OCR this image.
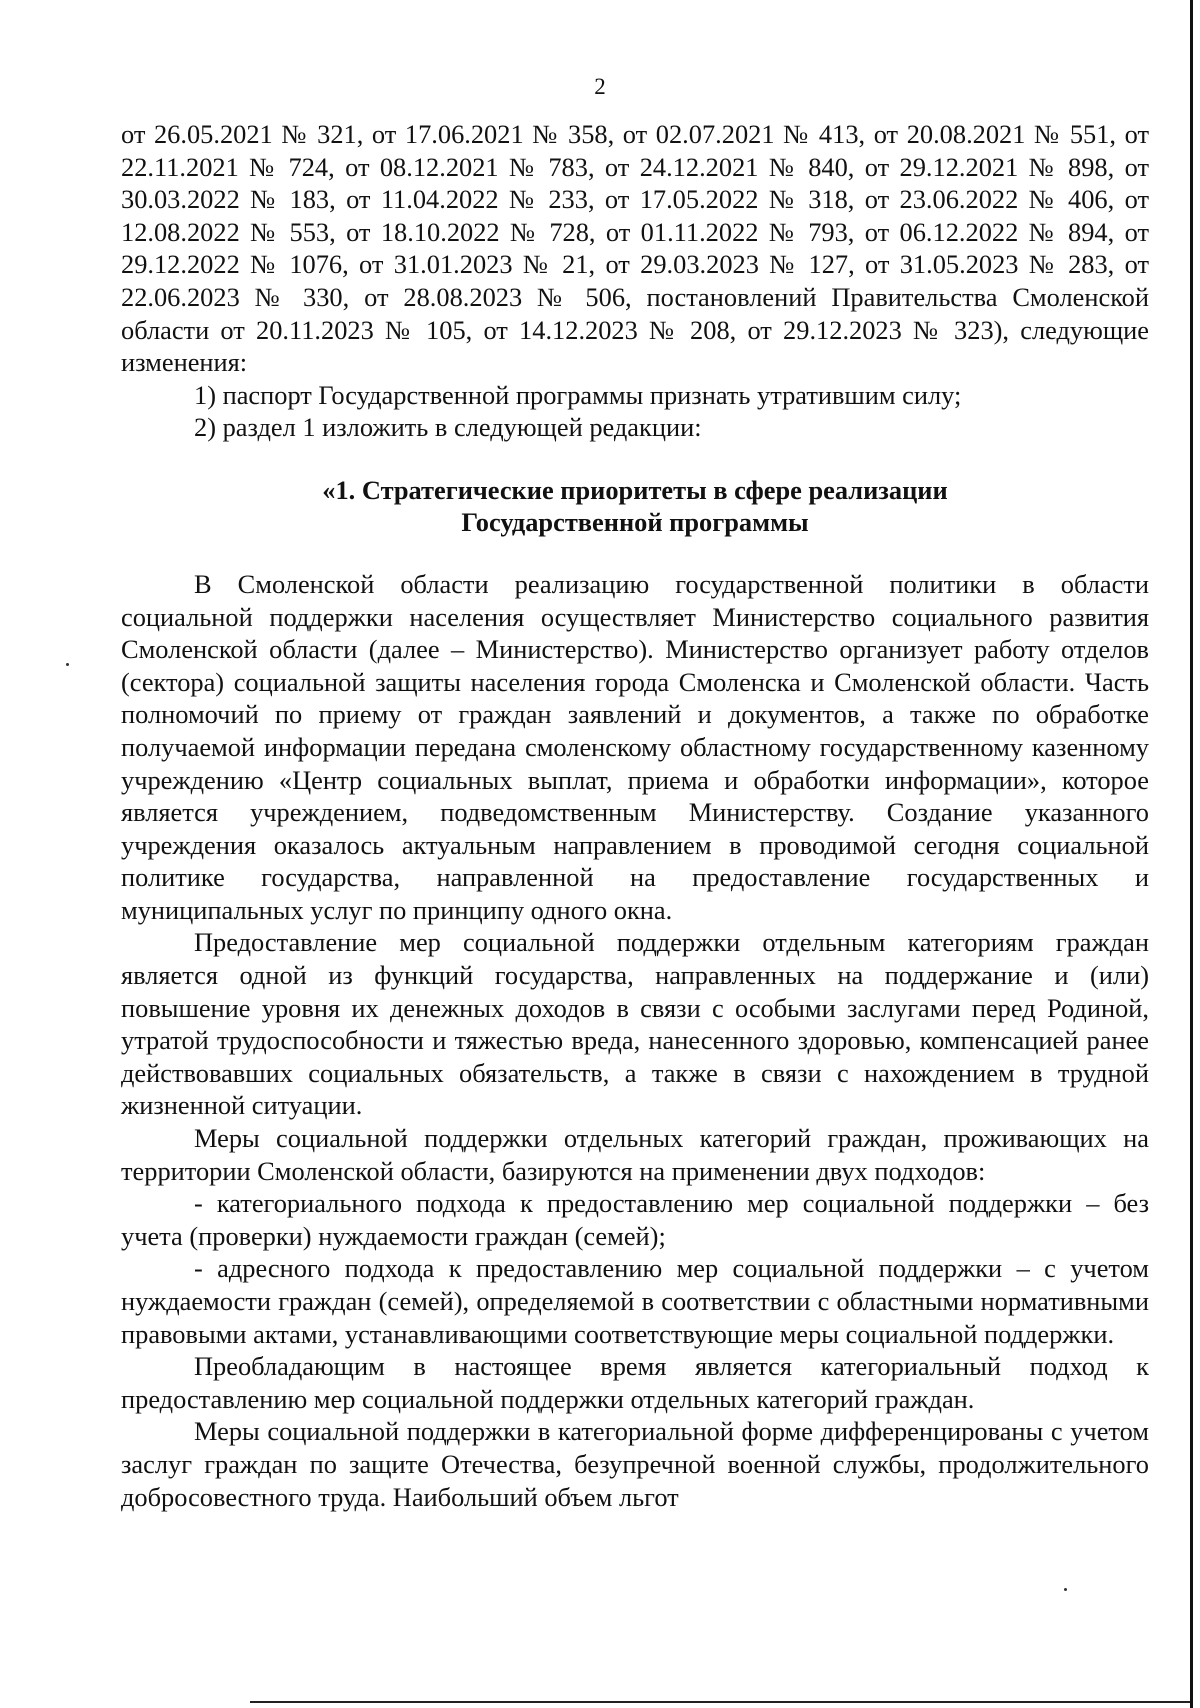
2

от 26.05.2021 № 321, от 17.06.2021 № 358, от 02.07.2021 № 413, от 20.08.2021 № 551, от 22.11.2021 № 724, от 08.12.2021 № 783, от 24.12.2021 № 840, от 29.12.2021 № 898, от 30.03.2022 № 183, от 11.04.2022 № 233, от 17.05.2022 № 318, от 23.06.2022 № 406, от 12.08.2022 № 553, от 18.10.2022 № 728, от 01.11.2022 № 793, от 06.12.2022 № 894, от 29.12.2022 № 1076, от 31.01.2023 № 21, от 29.03.2023 № 127, от 31.05.2023 № 283, от 22.06.2023 № 330, от 28.08.2023 № 506, постановлений Правительства Смоленской области от 20.11.2023 № 105, от 14.12.2023 № 208, от 29.12.2023 № 323), следующие изменения:

1) паспорт Государственной программы признать утратившим силу;

2) раздел 1 изложить в следующей редакции:

«1. Стратегические приоритеты в сфере реализации
Государственной программы

В Смоленской области реализацию государственной политики в области социальной поддержки населения осуществляет Министерство социального развития Смоленской области (далее – Министерство). Министерство организует работу отделов (сектора) социальной защиты населения города Смоленска и Смоленской области. Часть полномочий по приему от граждан заявлений и документов, а также по обработке получаемой информации передана смоленскому областному государственному казенному учреждению «Центр социальных выплат, приема и обработки информации», которое является учреждением, подведомственным Министерству. Создание указанного учреждения оказалось актуальным направлением в проводимой сегодня социальной политике государства, направленной на предоставление государственных и муниципальных услуг по принципу одного окна.

Предоставление мер социальной поддержки отдельным категориям граждан является одной из функций государства, направленных на поддержание и (или) повышение уровня их денежных доходов в связи с особыми заслугами перед Родиной, утратой трудоспособности и тяжестью вреда, нанесенного здоровью, компенсацией ранее действовавших социальных обязательств, а также в связи с нахождением в трудной жизненной ситуации.

Меры социальной поддержки отдельных категорий граждан, проживающих на территории Смоленской области, базируются на применении двух подходов:

- категориального подхода к предоставлению мер социальной поддержки – без учета (проверки) нуждаемости граждан (семей);

- адресного подхода к предоставлению мер социальной поддержки – с учетом нуждаемости граждан (семей), определяемой в соответствии с областными нормативными правовыми актами, устанавливающими соответствующие меры социальной поддержки.

Преобладающим в настоящее время является категориальный подход к предоставлению мер социальной поддержки отдельных категорий граждан.

Меры социальной поддержки в категориальной форме дифференцированы с учетом заслуг граждан по защите Отечества, безупречной военной службы, продолжительного добросовестного труда. Наибольший объем льгот
